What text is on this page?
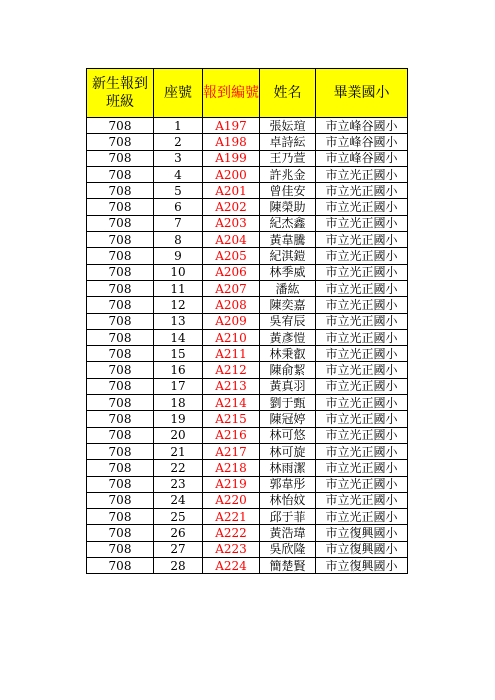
新生報到
班級	座號	報到編號	姓名	畢業國小
708	1	A197	張妘瑄	市立峰谷國小
708	2	A198	卓詩紜	市立峰谷國小
708	3	A199	王乃萱	市立峰谷國小
708	4	A200	許兆金	市立光正國小
708	5	A201	曾佳安	市立光正國小
708	6	A202	陳榮助	市立光正國小
708	7	A203	紀杰鑫	市立光正國小
708	8	A204	黃韋騰	市立光正國小
708	9	A205	紀淇鎧	市立光正國小
708	10	A206	林季威	市立光正國小
708	11	A207	潘紘	市立光正國小
708	12	A208	陳奕嘉	市立光正國小
708	13	A209	吳宥辰	市立光正國小
708	14	A210	黃彥愷	市立光正國小
708	15	A211	林秉叡	市立光正國小
708	16	A212	陳俞絜	市立光正國小
708	17	A213	黃真羽	市立光正國小
708	18	A214	劉于甄	市立光正國小
708	19	A215	陳冠婷	市立光正國小
708	20	A216	林可悠	市立光正國小
708	21	A217	林可旋	市立光正國小
708	22	A218	林雨潔	市立光正國小
708	23	A219	郭韋彤	市立光正國小
708	24	A220	林怡妏	市立光正國小
708	25	A221	邱于菲	市立光正國小
708	26	A222	黃浩瑋	市立復興國小
708	27	A223	吳欣隆	市立復興國小
708	28	A224	簡楚賢	市立復興國小
